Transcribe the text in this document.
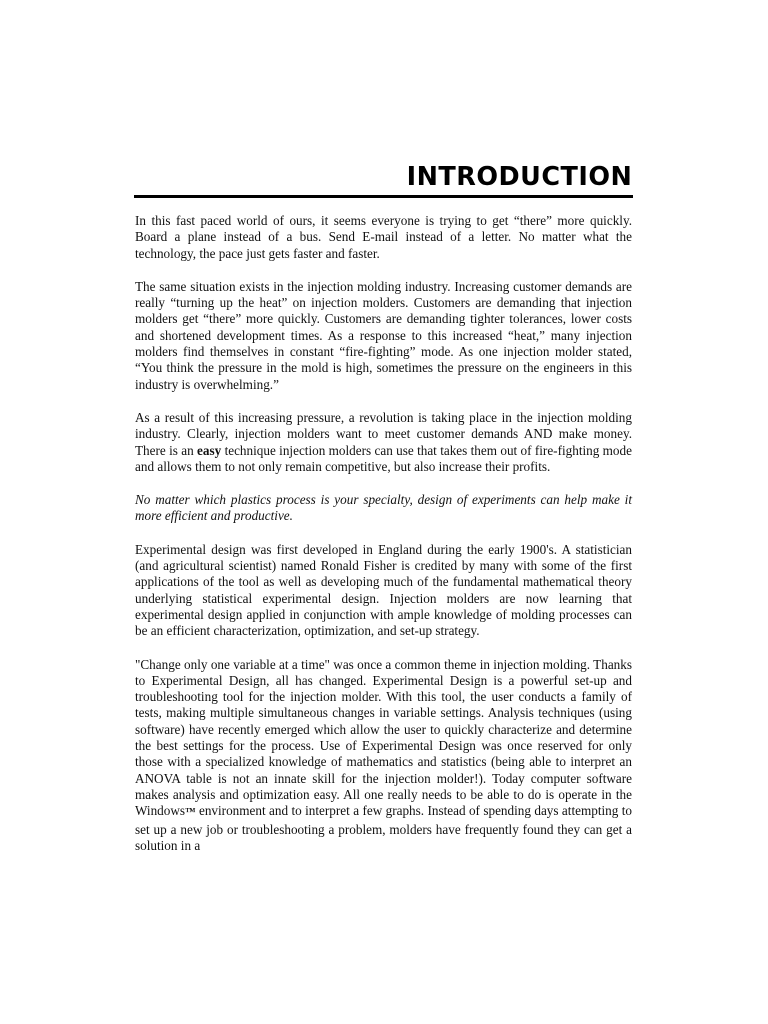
INTRODUCTION

In this fast paced world of ours, it seems everyone is trying to get “there” more quickly. Board a plane instead of a bus. Send E-mail instead of a letter. No matter what the technology, the pace just gets faster and faster.

The same situation exists in the injection molding industry. Increasing customer demands are really “turning up the heat” on injection molders. Customers are demanding that injection molders get “there” more quickly. Customers are demanding tighter tolerances, lower costs and shortened development times. As a response to this increased “heat,” many injection molders find themselves in constant “fire-fighting” mode. As one injection molder stated, “You think the pressure in the mold is high, sometimes the pressure on the engineers in this industry is overwhelming.”

As a result of this increasing pressure, a revolution is taking place in the injection molding industry. Clearly, injection molders want to meet customer demands AND make money. There is an easy technique injection molders can use that takes them out of fire-fighting mode and allows them to not only remain competitive, but also increase their profits.

No matter which plastics process is your specialty, design of experiments can help make it more efficient and productive.

Experimental design was first developed in England during the early 1900's. A statistician (and agricultural scientist) named Ronald Fisher is credited by many with some of the first applications of the tool as well as developing much of the fundamental mathematical theory underlying statistical experimental design. Injection molders are now learning that experimental design applied in conjunction with ample knowledge of molding processes can be an efficient characterization, optimization, and set-up strategy.

"Change only one variable at a time" was once a common theme in injection molding. Thanks to Experimental Design, all has changed. Experimental Design is a powerful set-up and troubleshooting tool for the injection molder. With this tool, the user conducts a family of tests, making multiple simultaneous changes in variable settings. Analysis techniques (using software) have recently emerged which allow the user to quickly characterize and determine the best settings for the process. Use of Experimental Design was once reserved for only those with a specialized knowledge of mathematics and statistics (being able to interpret an ANOVA table is not an innate skill for the injection molder!). Today computer software makes analysis and optimization easy. All one really needs to be able to do is operate in the Windows™ environment and to interpret a few graphs. Instead of spending days attempting to set up a new job or troubleshooting a problem, molders have frequently found they can get a solution in a
